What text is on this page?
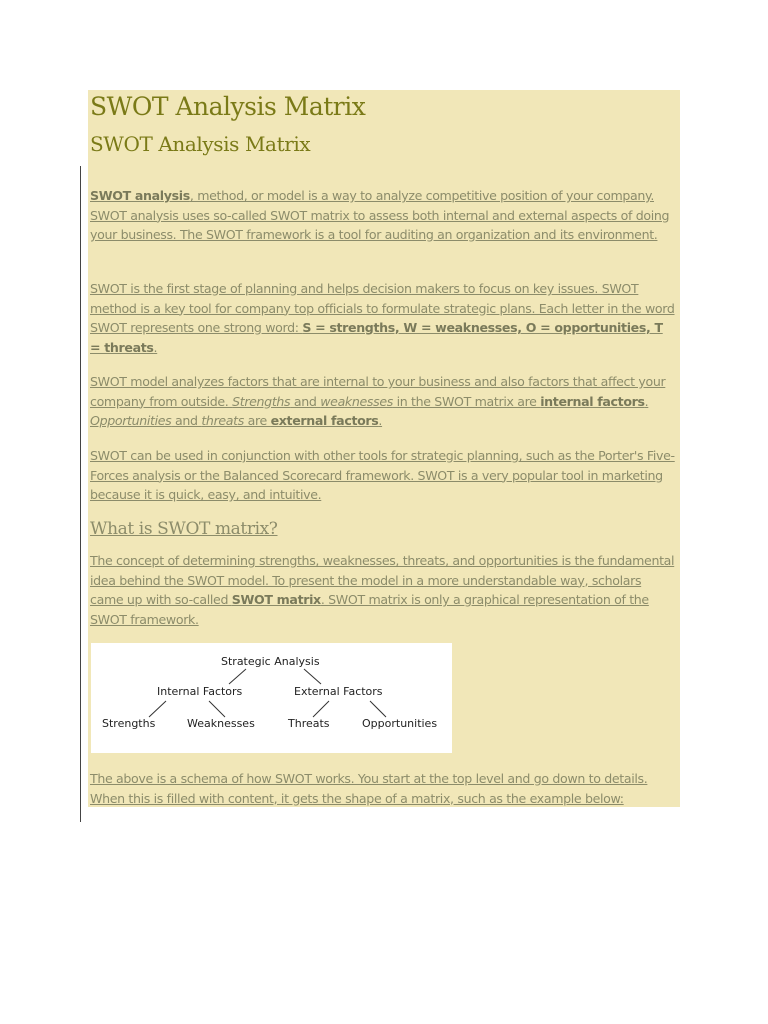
SWOT Analysis Matrix
SWOT Analysis Matrix

SWOT analysis, method, or model is a way to analyze competitive position of your company. SWOT analysis uses so-called SWOT matrix to assess both internal and external aspects of doing your business. The SWOT framework is a tool for auditing an organization and its environment.

SWOT is the first stage of planning and helps decision makers to focus on key issues. SWOT method is a key tool for company top officials to formulate strategic plans. Each letter in the word SWOT represents one strong word: S = strengths, W = weaknesses, O = opportunities, T = threats.

SWOT model analyzes factors that are internal to your business and also factors that affect your company from outside. Strengths and weaknesses in the SWOT matrix are internal factors. Opportunities and threats are external factors.

SWOT can be used in conjunction with other tools for strategic planning, such as the Porter's Five-Forces analysis or the Balanced Scorecard framework. SWOT is a very popular tool in marketing because it is quick, easy, and intuitive.

What is SWOT matrix?

The concept of determining strengths, weaknesses, threats, and opportunities is the fundamental idea behind the SWOT model. To present the model in a more understandable way, scholars came up with so-called SWOT matrix. SWOT matrix is only a graphical representation of the SWOT framework.

Strategic Analysis
Internal Factors	External Factors
Strengths	Weaknesses	Threats	Opportunities

The above is a schema of how SWOT works. You start at the top level and go down to details. When this is filled with content, it gets the shape of a matrix, such as the example below:
